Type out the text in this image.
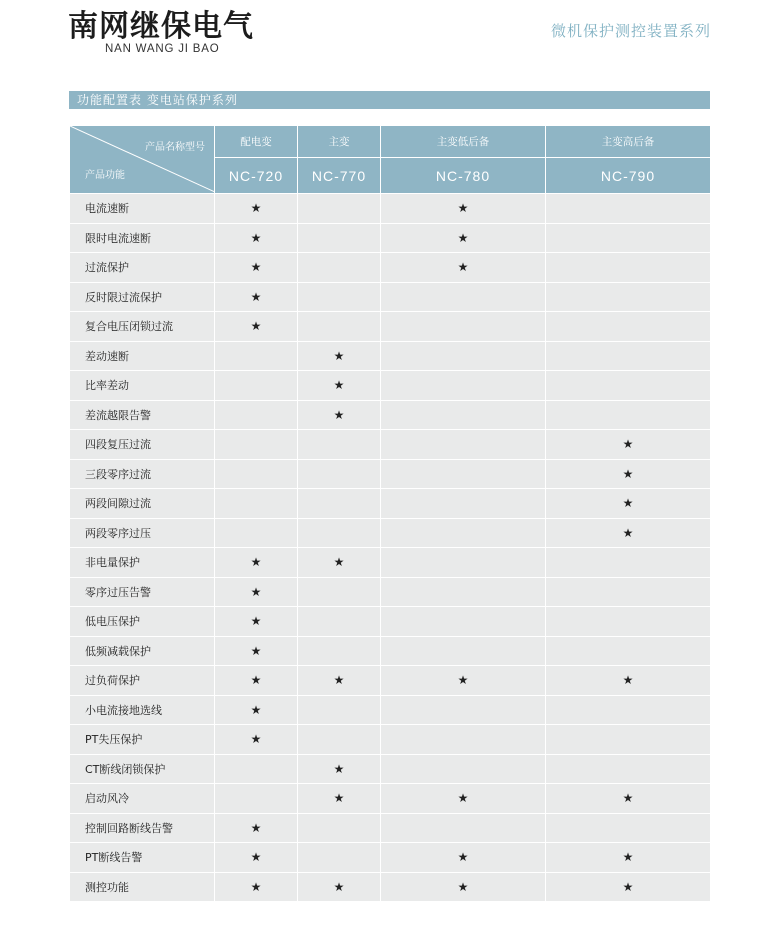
南网继保电气
NAN WANG JI BAO
微机保护测控装置系列
功能配置表 变电站保护系列
产品名称型号
产品功能	配电变	主变	主变低后备	主变高后备
	NC-720	NC-770	NC-780	NC-790
电流速断	★		★	
限时电流速断	★		★	
过流保护	★		★	
反时限过流保护	★			
复合电压闭锁过流	★			
差动速断		★		
比率差动		★		
差流越限告警		★		
四段复压过流				★
三段零序过流				★
两段间隙过流				★
两段零序过压				★
非电量保护	★	★		
零序过压告警	★			
低电压保护	★			
低频减载保护	★			
过负荷保护	★	★	★	★
小电流接地选线	★			
PT失压保护	★			
CT断线闭锁保护		★		
启动风冷		★	★	★
控制回路断线告警	★			
PT断线告警	★		★	★
测控功能	★	★	★	★
